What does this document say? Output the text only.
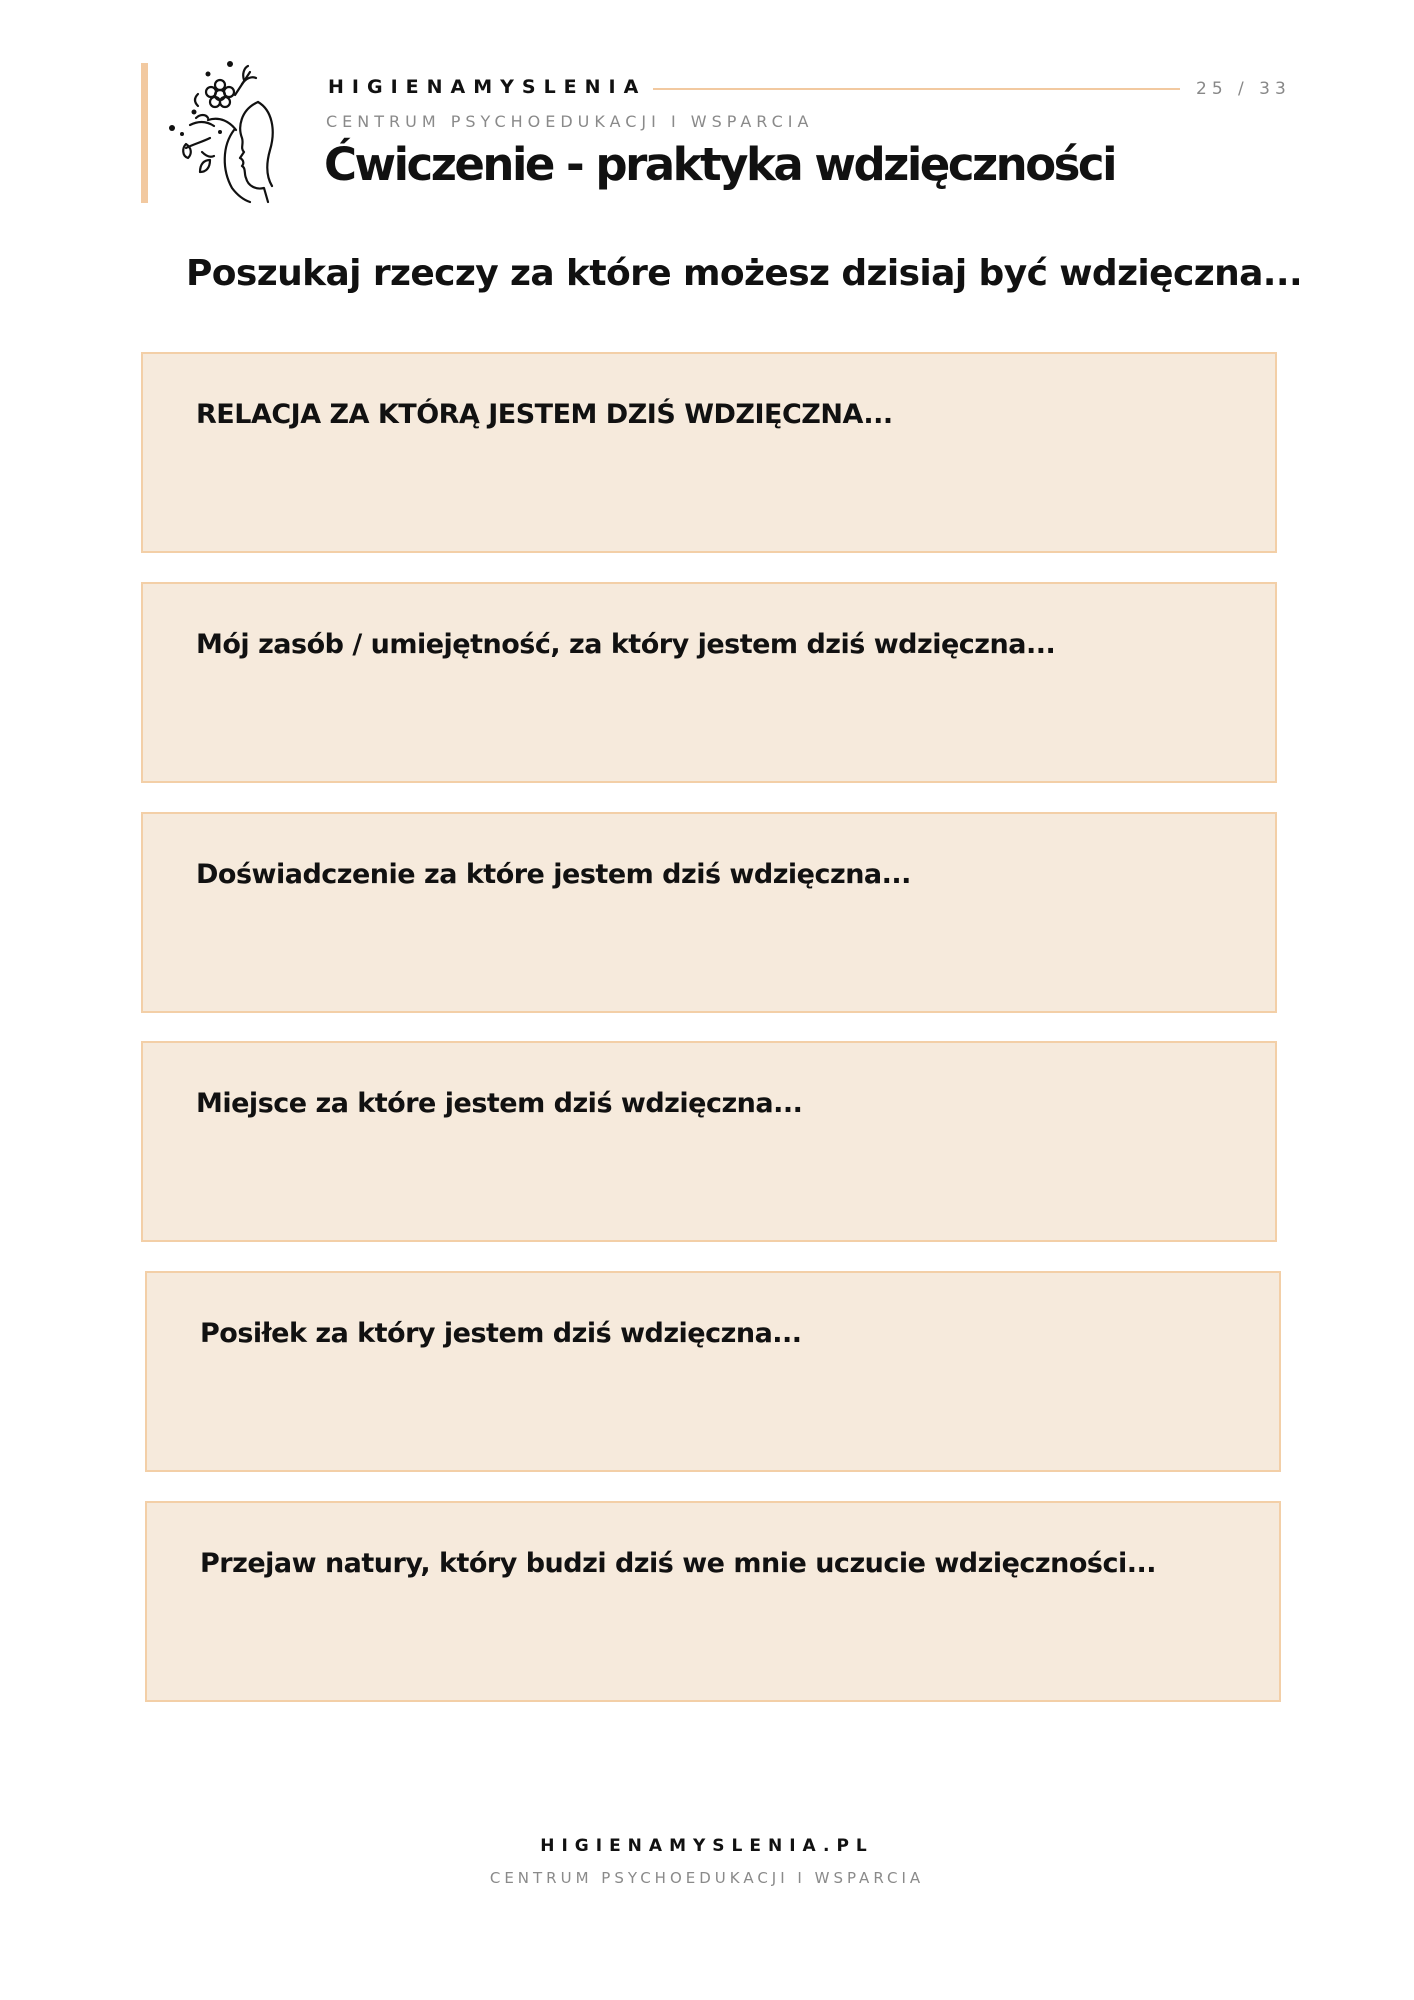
HIGIENAMYSLENIA	25 / 33
CENTRUM PSYCHOEDUKACJI I WSPARCIA
Ćwiczenie - praktyka wdzięczności
Poszukaj rzeczy za które możesz dzisiaj być wdzięczna...
RELACJA ZA KTÓRĄ JESTEM DZIŚ WDZIĘCZNA...
Mój zasób / umiejętność, za który jestem dziś wdzięczna...
Doświadczenie za które jestem dziś wdzięczna...
Miejsce za które jestem dziś wdzięczna...
Posiłek za który jestem dziś wdzięczna...
Przejaw natury, który budzi dziś we mnie uczucie wdzięczności...
HIGIENAMYSLENIA.PL
CENTRUM PSYCHOEDUKACJI I WSPARCIA
